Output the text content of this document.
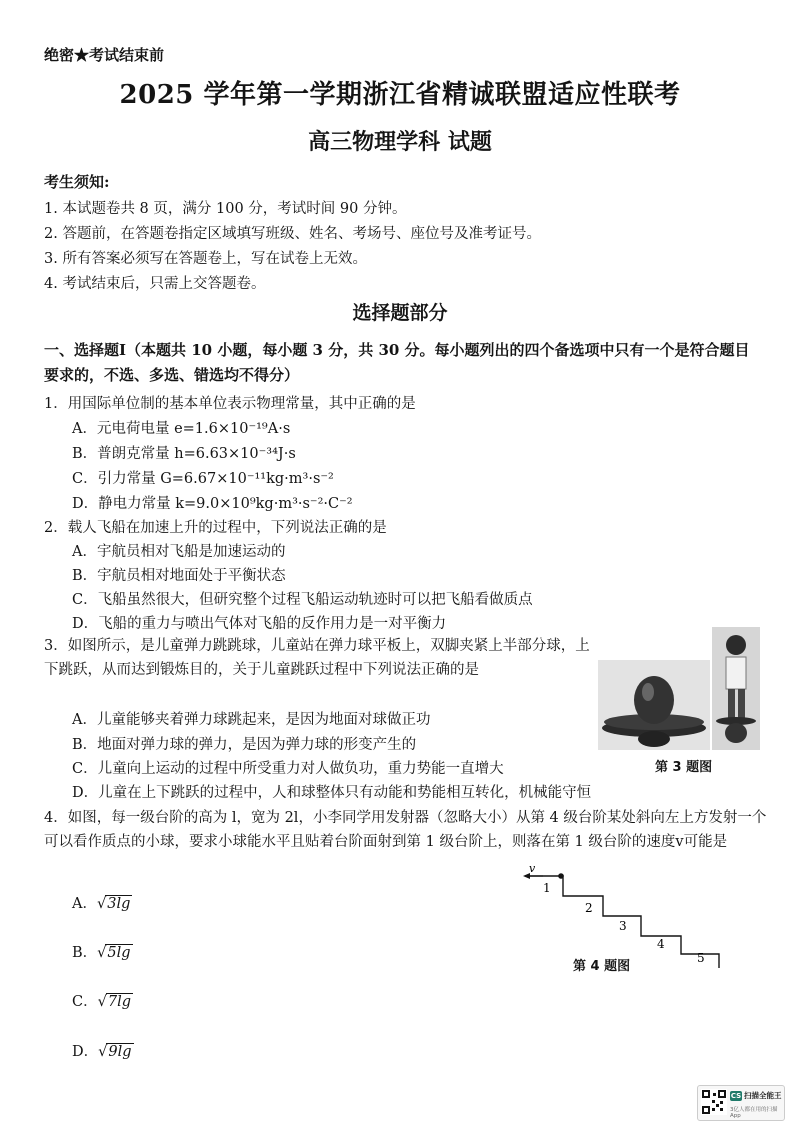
绝密★考试结束前
2025 学年第一学期浙江省精诚联盟适应性联考
高三物理学科 试题
考生须知:
1. 本试题卷共 8 页，满分 100 分，考试时间 90 分钟。
2. 答题前，在答题卷指定区域填写班级、姓名、考场号、座位号及准考证号。
3. 所有答案必须写在答题卷上，写在试卷上无效。
4. 考试结束后，只需上交答题卷。
选择题部分
一、选择题Ⅰ（本题共 10 小题，每小题 3 分，共 30 分。每小题列出的四个备选项中只有一个是符合题目要求的，不选、多选、错选均不得分）
1．用国际单位制的基本单位表示物理常量，其中正确的是
A．元电荷电量 e=1.6×10⁻¹⁹A·s
B．普朗克常量 h=6.63×10⁻³⁴J·s
C．引力常量 G=6.67×10⁻¹¹kg·m³·s⁻²
D．静电力常量 k=9.0×10⁹kg·m³·s⁻²·C⁻²
2．载人飞船在加速上升的过程中，下列说法正确的是
A．宇航员相对飞船是加速运动的
B．宇航员相对地面处于平衡状态
C．飞船虽然很大，但研究整个过程飞船运动轨迹时可以把飞船看做质点
D．飞船的重力与喷出气体对飞船的反作用力是一对平衡力
3．如图所示，是儿童弹力跳跳球，儿童站在弹力球平板上，双脚夹紧上半部分球，上下跳跃，从而达到锻炼目的，关于儿童跳跃过程中下列说法正确的是
A．儿童能够夹着弹力球跳起来，是因为地面对球做正功
B．地面对弹力球的弹力，是因为弹力球的形变产生的
C．儿童向上运动的过程中所受重力对人做负功，重力势能一直增大
D．儿童在上下跳跃的过程中，人和球整体只有动能和势能相互转化，机械能守恒
第 3 题图
4．如图，每一级台阶的高为 l，宽为 2l，小李同学用发射器（忽略大小）从第 4 级台阶某处斜向左上方发射一个可以看作质点的小球，要求小球能水平且贴着台阶面射到第 1 级台阶上，则落在第 1 级台阶的速度v可能是
A．√3lg
B．√5lg
C．√7lg
D．√9lg
v
1
2
3
4
5
第 4 题图
CS 扫描全能王
3亿人都在用的扫描App
